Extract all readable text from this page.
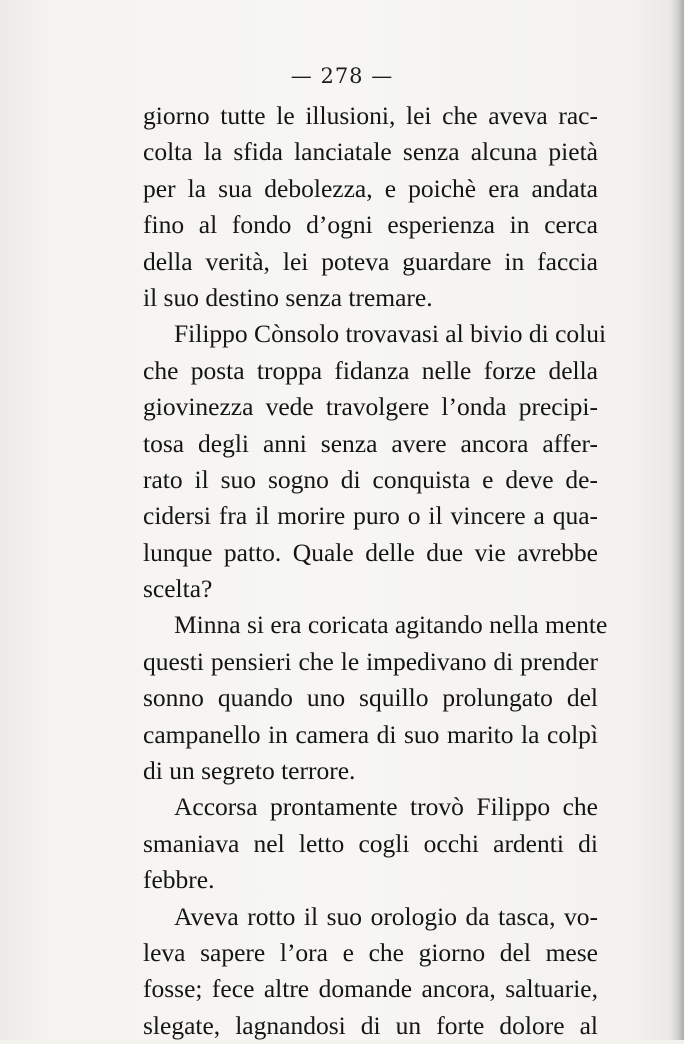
— 278 —
giorno tutte le illusioni, lei che aveva rac-
colta la sfida lanciatale senza alcuna pietà
per la sua debolezza, e poichè era andata
fino al fondo d’ogni esperienza in cerca
della verità, lei poteva guardare in faccia
il suo destino senza tremare.
Filippo Cònsolo trovavasi al bivio di colui
che posta troppa fidanza nelle forze della
giovinezza vede travolgere l’onda precipi-
tosa degli anni senza avere ancora affer-
rato il suo sogno di conquista e deve de-
cidersi fra il morire puro o il vincere a qua-
lunque patto. Quale delle due vie avrebbe
scelta?
Minna si era coricata agitando nella mente
questi pensieri che le impedivano di prender
sonno quando uno squillo prolungato del
campanello in camera di suo marito la colpì
di un segreto terrore.
Accorsa prontamente trovò Filippo che
smaniava nel letto cogli occhi ardenti di
febbre.
Aveva rotto il suo orologio da tasca, vo-
leva sapere l’ora e che giorno del mese
fosse; fece altre domande ancora, saltuarie,
slegate, lagnandosi di un forte dolore al
